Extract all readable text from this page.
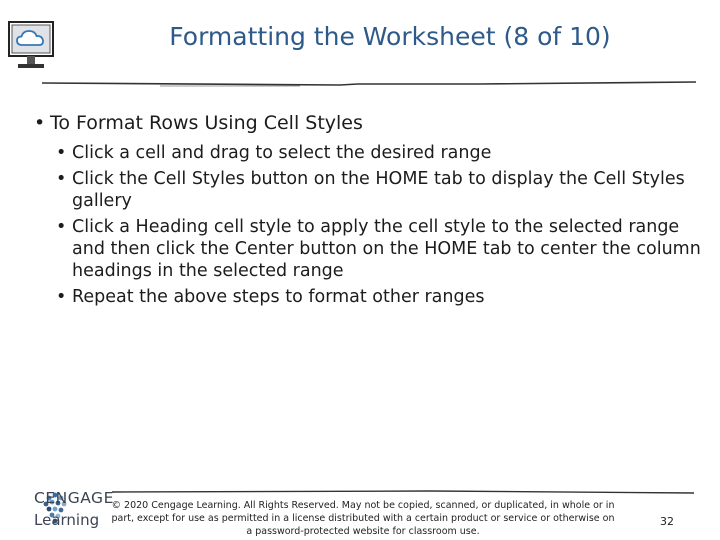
Formatting the Worksheet (8 of 10)
• To Format Rows Using Cell Styles
• Click a cell and drag to select the desired range
• Click the Cell Styles button on the HOME tab to display the Cell Styles gallery
• Click a Heading cell style to apply the cell style to the selected range and then click the Center button on the HOME tab to center the column headings in the selected range
• Repeat the above steps to format other ranges
CENGAGE
Learning
© 2020 Cengage Learning. All Rights Reserved. May not be copied, scanned, or duplicated, in whole or in part, except for use as permitted in a license distributed with a certain product or service or otherwise on a password-protected website for classroom use.
32
